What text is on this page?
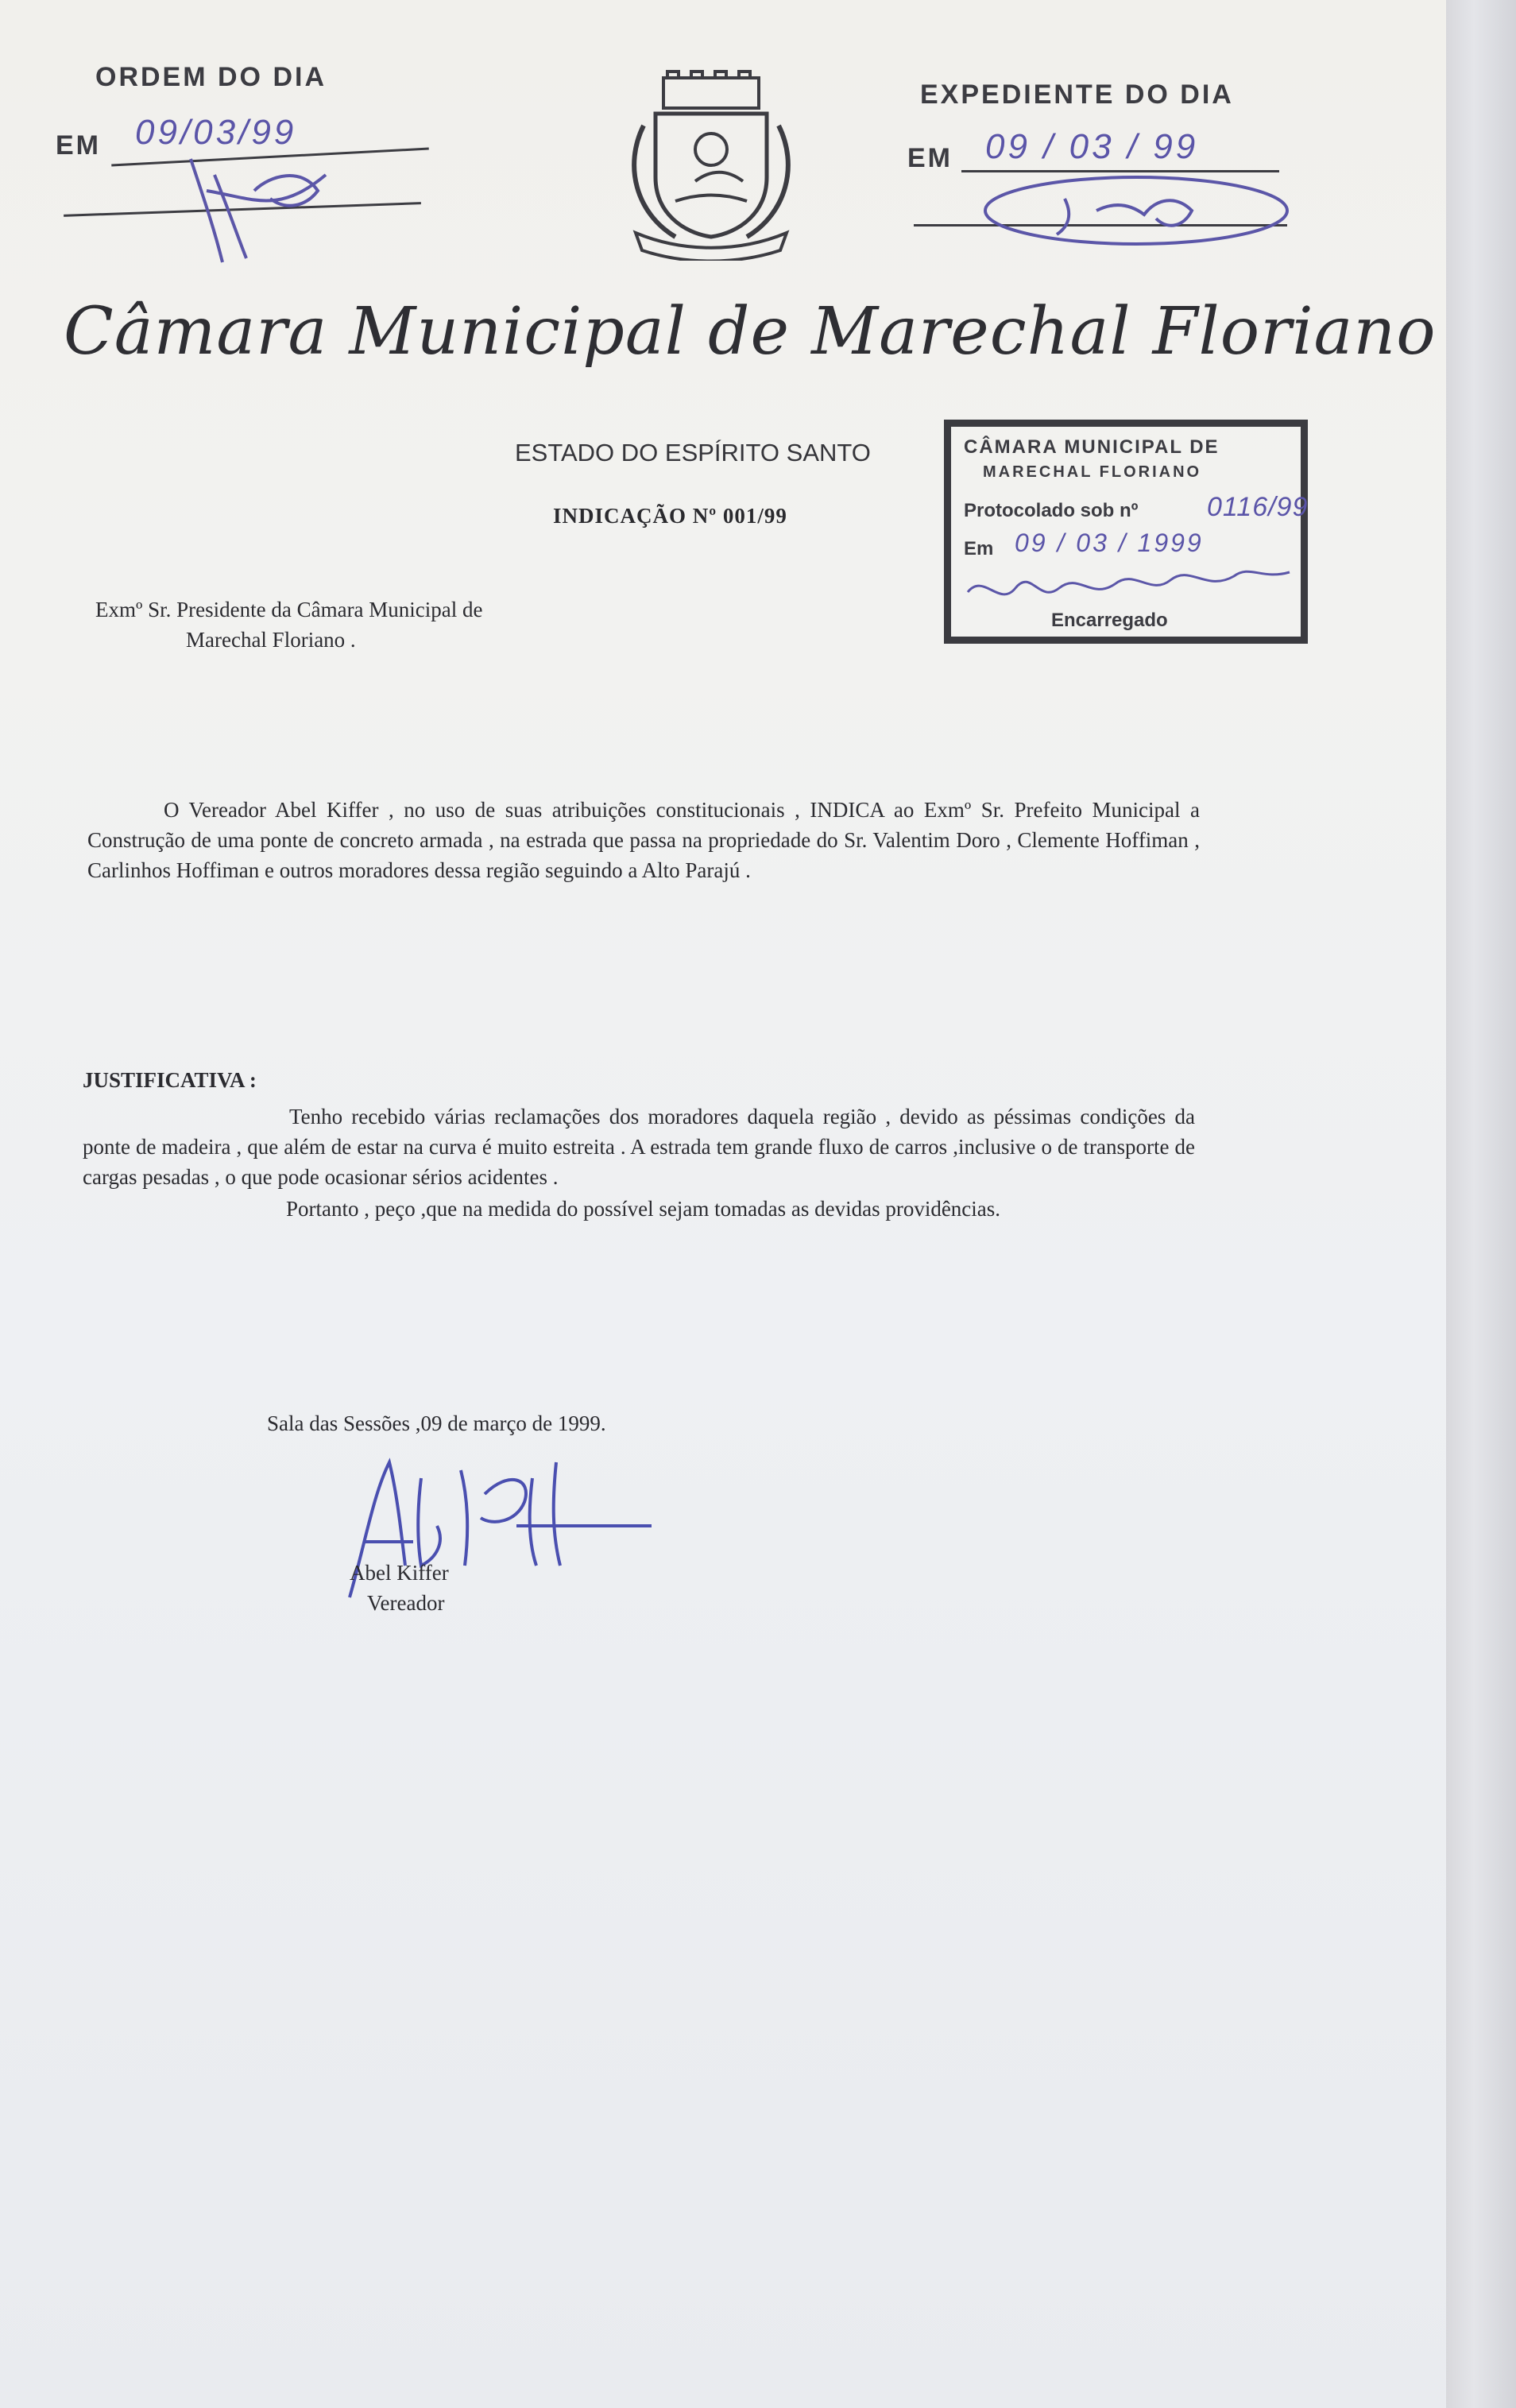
ORDEM DO DIA
EM 09/03/99
EXPEDIENTE DO DIA
EM 09 / 03 / 99
Câmara Municipal de Marechal Floriano
ESTADO DO ESPÍRITO SANTO
INDICAÇÃO Nº 001/99
CÂMARA MUNICIPAL DE
MARECHAL FLORIANO
Protocolado sob nº	0116/99
Em 09 / 03 / 1999
Encarregado
Exmº Sr. Presidente da Câmara Municipal de
Marechal Floriano .
O Vereador Abel Kiffer , no uso de suas atribuições constitucionais , INDICA ao Exmº Sr. Prefeito Municipal a Construção de uma ponte de concreto armada , na estrada que passa na propriedade do Sr. Valentim Doro , Clemente Hoffiman , Carlinhos Hoffiman e outros moradores dessa região seguindo a Alto Parajú .
JUSTIFICATIVA :
Tenho recebido várias reclamações dos moradores daquela região , devido as péssimas condições da ponte de madeira , que além de estar na curva é muito estreita . A estrada tem grande fluxo de carros ,inclusive o de transporte de cargas pesadas , o que pode ocasionar sérios acidentes .
Portanto , peço ,que na medida do possível sejam tomadas as devidas providências.
Sala das Sessões ,09 de março de 1999.
Abel Kiffer
Vereador
